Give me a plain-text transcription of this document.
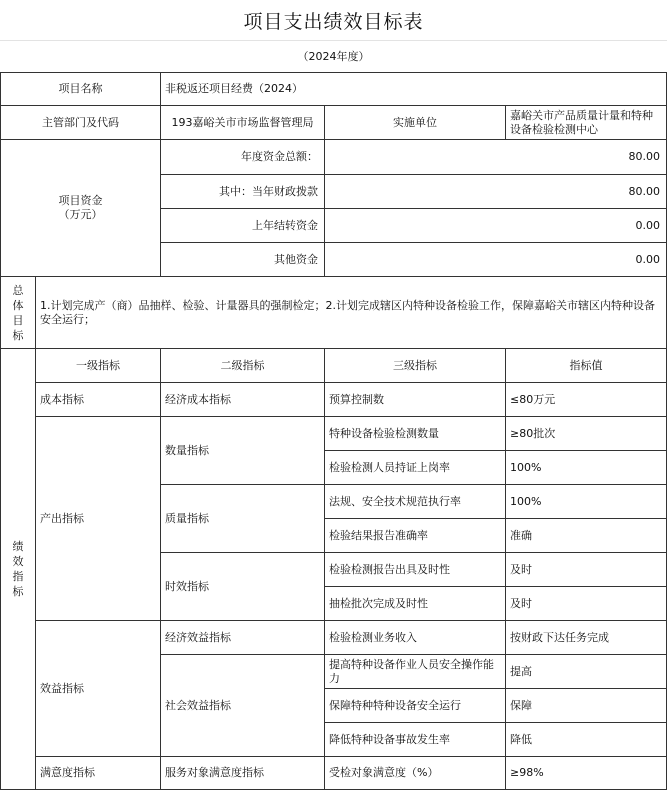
项目支出绩效目标表
（2024年度）
项目名称		非税返还项目经费（2024）		
主管部门及代码		193嘉峪关市市场监督管理局	实施单位	嘉峪关市产品质量计量和特种设备检验检测中心

项目资金
（万元）		年度资金总额：	80.00	
		其中：当年财政拨款	80.00	
		上年结转资金	0.00	
		其他资金	0.00	
总体目标	1.计划完成产（商）品抽样、检验、计量器具的强制检定；2.计划完成辖区内特种设备检验工作，保障嘉峪关市辖区内特种设备安全运行；			
绩效指标	一级指标	二级指标	三级指标	指标值
	成本指标	经济成本指标	预算控制数	≤80万元
	产出指标	数量指标	特种设备检验检测数量	≥80批次
			检验检测人员持证上岗率	100%
		质量指标	法规、安全技术规范执行率	100%
			检验结果报告准确率	准确
		时效指标	检验检测报告出具及时性	及时
			抽检批次完成及时性	及时
	效益指标	经济效益指标	检验检测业务收入	按财政下达任务完成
		社会效益指标	提高特种设备作业人员安全操作能力	提高
			保障特种特种设备安全运行	保障
			降低特种设备事故发生率	降低
	满意度指标	服务对象满意度指标	受检对象满意度（%）	≥98%
